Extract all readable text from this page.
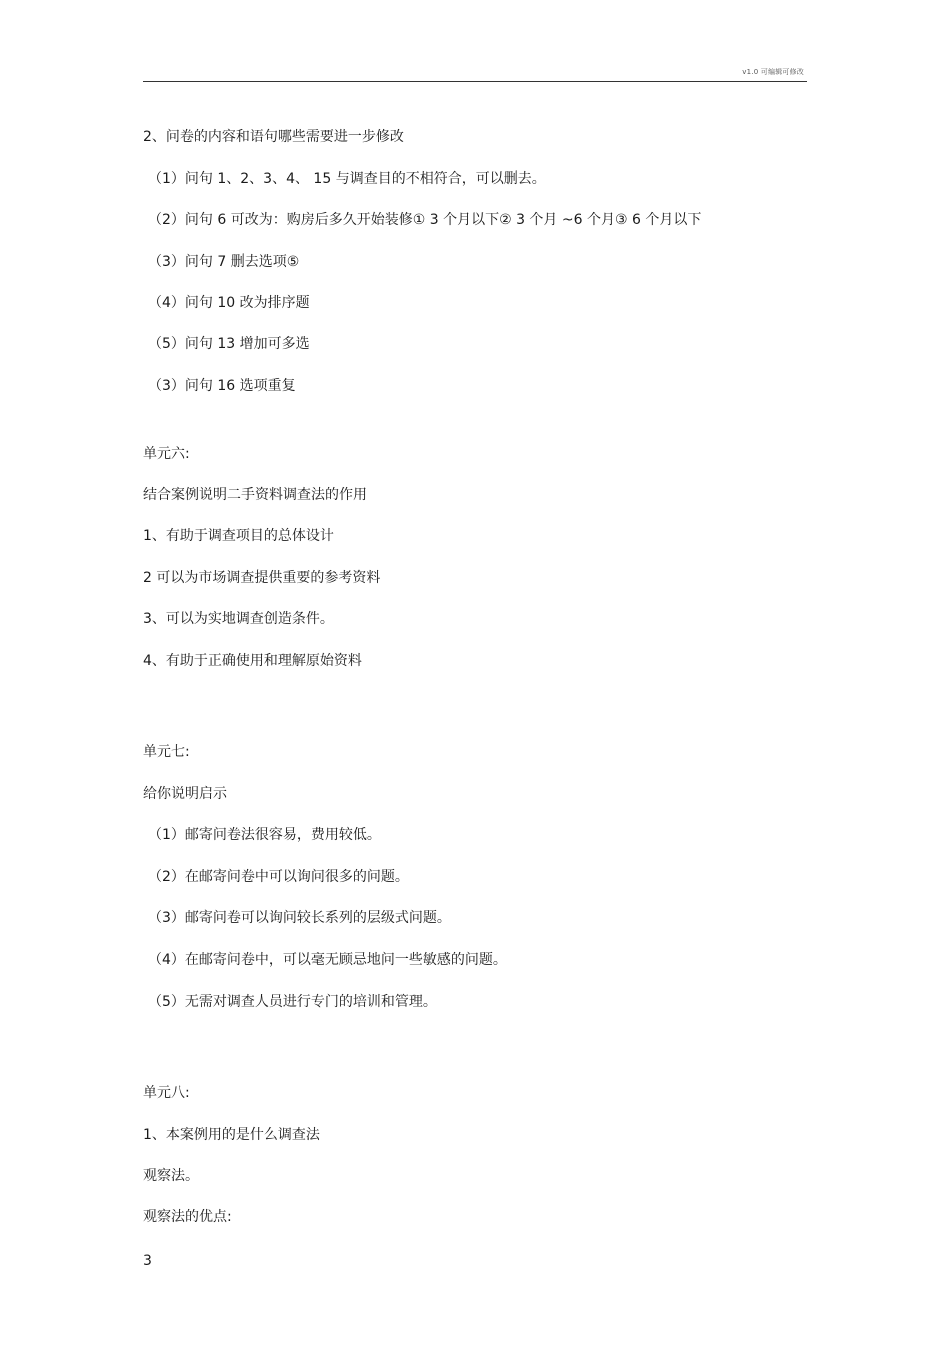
v1.0 可编辑可修改
2、问卷的内容和语句哪些需要进一步修改
（1）问句 1、2、3、4、 15 与调查目的不相符合，可以删去。
（2）问句 6 可改为：购房后多久开始装修① 3 个月以下② 3 个月 ~6 个月③ 6 个月以下
（3）问句 7 删去选项⑤
（4）问句 10 改为排序题
（5）问句 13 增加可多选
（3）问句 16 选项重复
单元六:
结合案例说明二手资料调查法的作用
1、有助于调查项目的总体设计
2 可以为市场调查提供重要的参考资料
3、可以为实地调查创造条件。
4、有助于正确使用和理解原始资料
单元七:
给你说明启示
（1）邮寄问卷法很容易，费用较低。
（2）在邮寄问卷中可以询问很多的问题。
（3）邮寄问卷可以询问较长系列的层级式问题。
（4）在邮寄问卷中，可以毫无顾忌地问一些敏感的问题。
（5）无需对调查人员进行专门的培训和管理。
单元八:
1、本案例用的是什么调查法
观察法。
观察法的优点:
3
